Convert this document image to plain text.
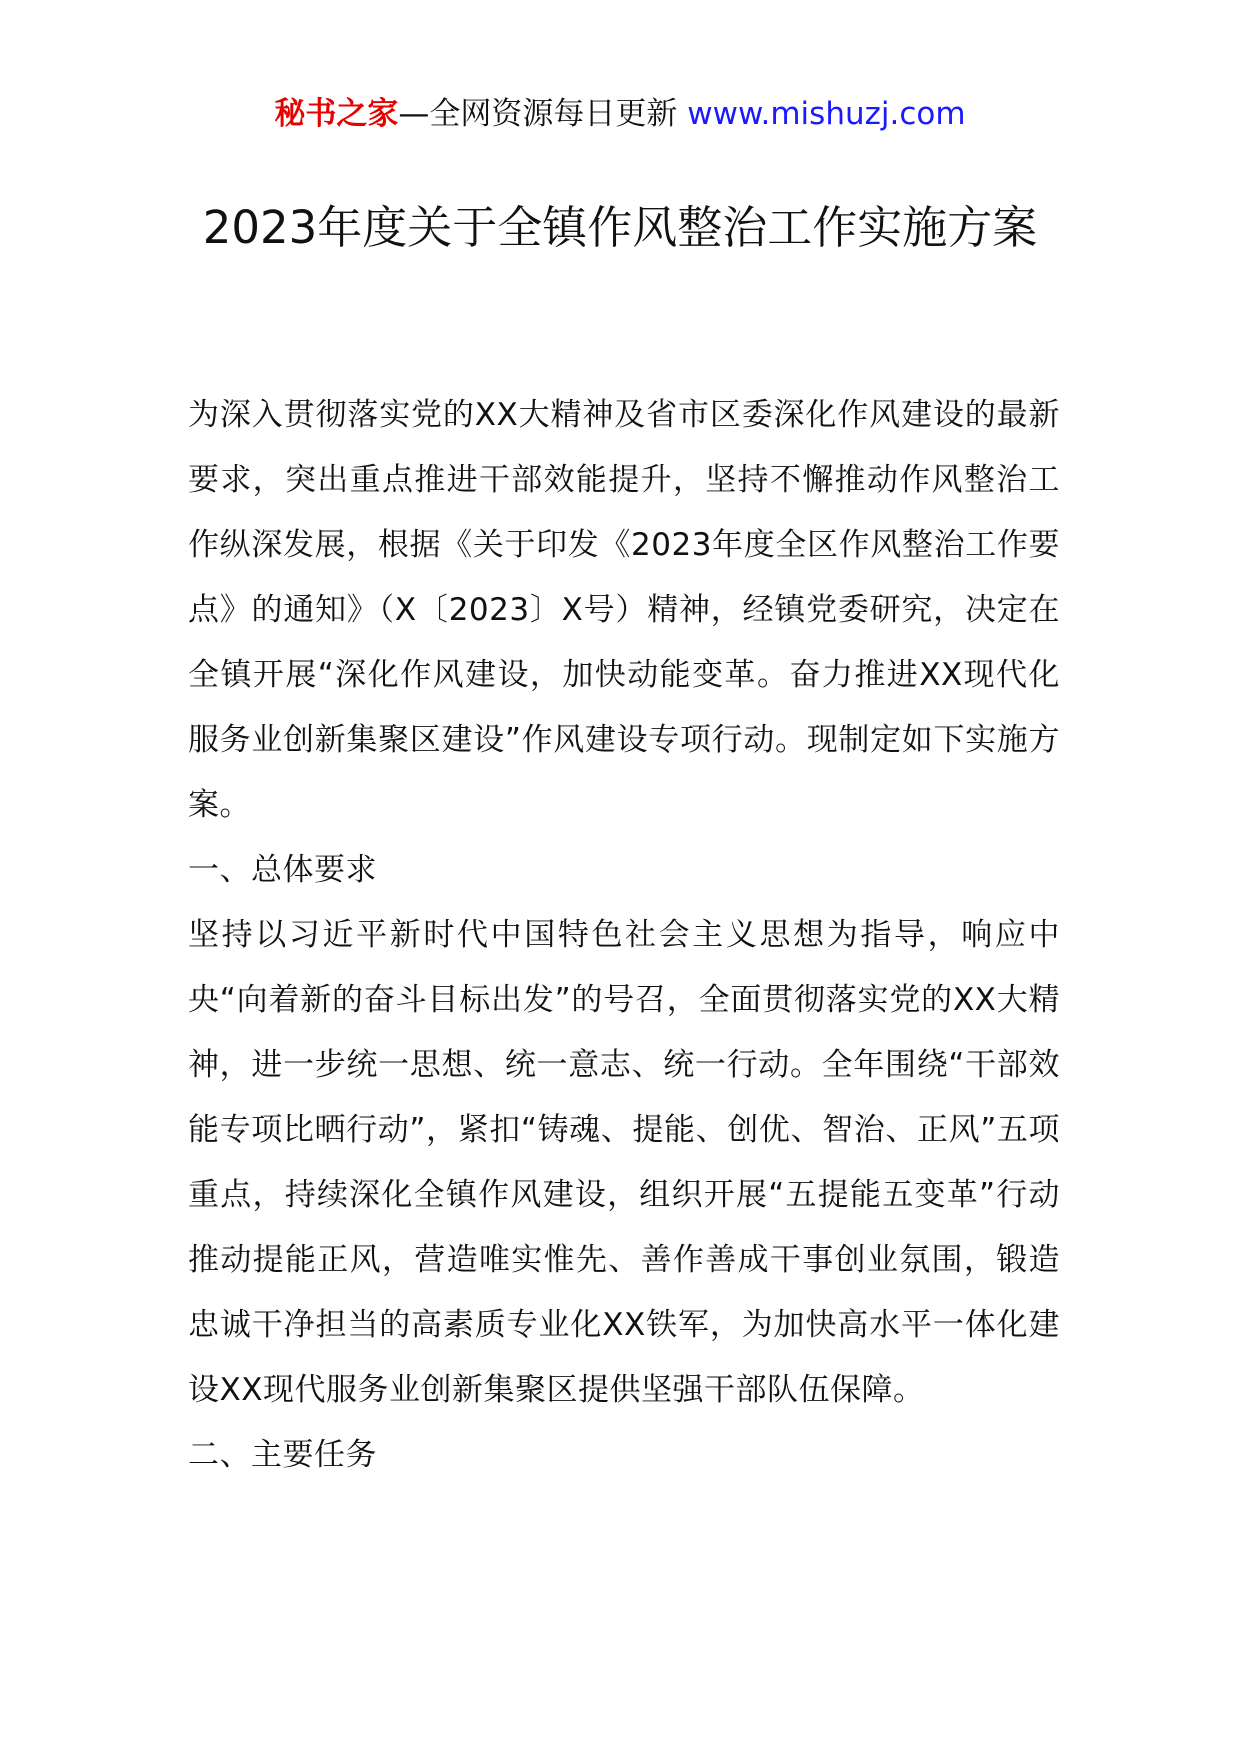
秘书之家—全网资源每日更新 www.mishuzj.com
2023年度关于全镇作风整治工作实施方案

为深入贯彻落实党的XX大精神及省市区委深化作风建设的最新要求，突出重点推进干部效能提升，坚持不懈推动作风整治工作纵深发展，根据《关于印发《2023年度全区作风整治工作要点》的通知》（X〔2023〕X号）精神，经镇党委研究，决定在全镇开展“深化作风建设，加快动能变革。奋力推进XX现代化服务业创新集聚区建设”作风建设专项行动。现制定如下实施方案。

一、总体要求

坚持以习近平新时代中国特色社会主义思想为指导，响应中央“向着新的奋斗目标出发”的号召，全面贯彻落实党的XX大精神，进一步统一思想、统一意志、统一行动。全年围绕“干部效能专项比晒行动”，紧扣“铸魂、提能、创优、智治、正风”五项重点，持续深化全镇作风建设，组织开展“五提能五变革”行动推动提能正风，营造唯实惟先、善作善成干事创业氛围，锻造忠诚干净担当的高素质专业化XX铁军，为加快高水平一体化建设XX现代服务业创新集聚区提供坚强干部队伍保障。

二、主要任务
